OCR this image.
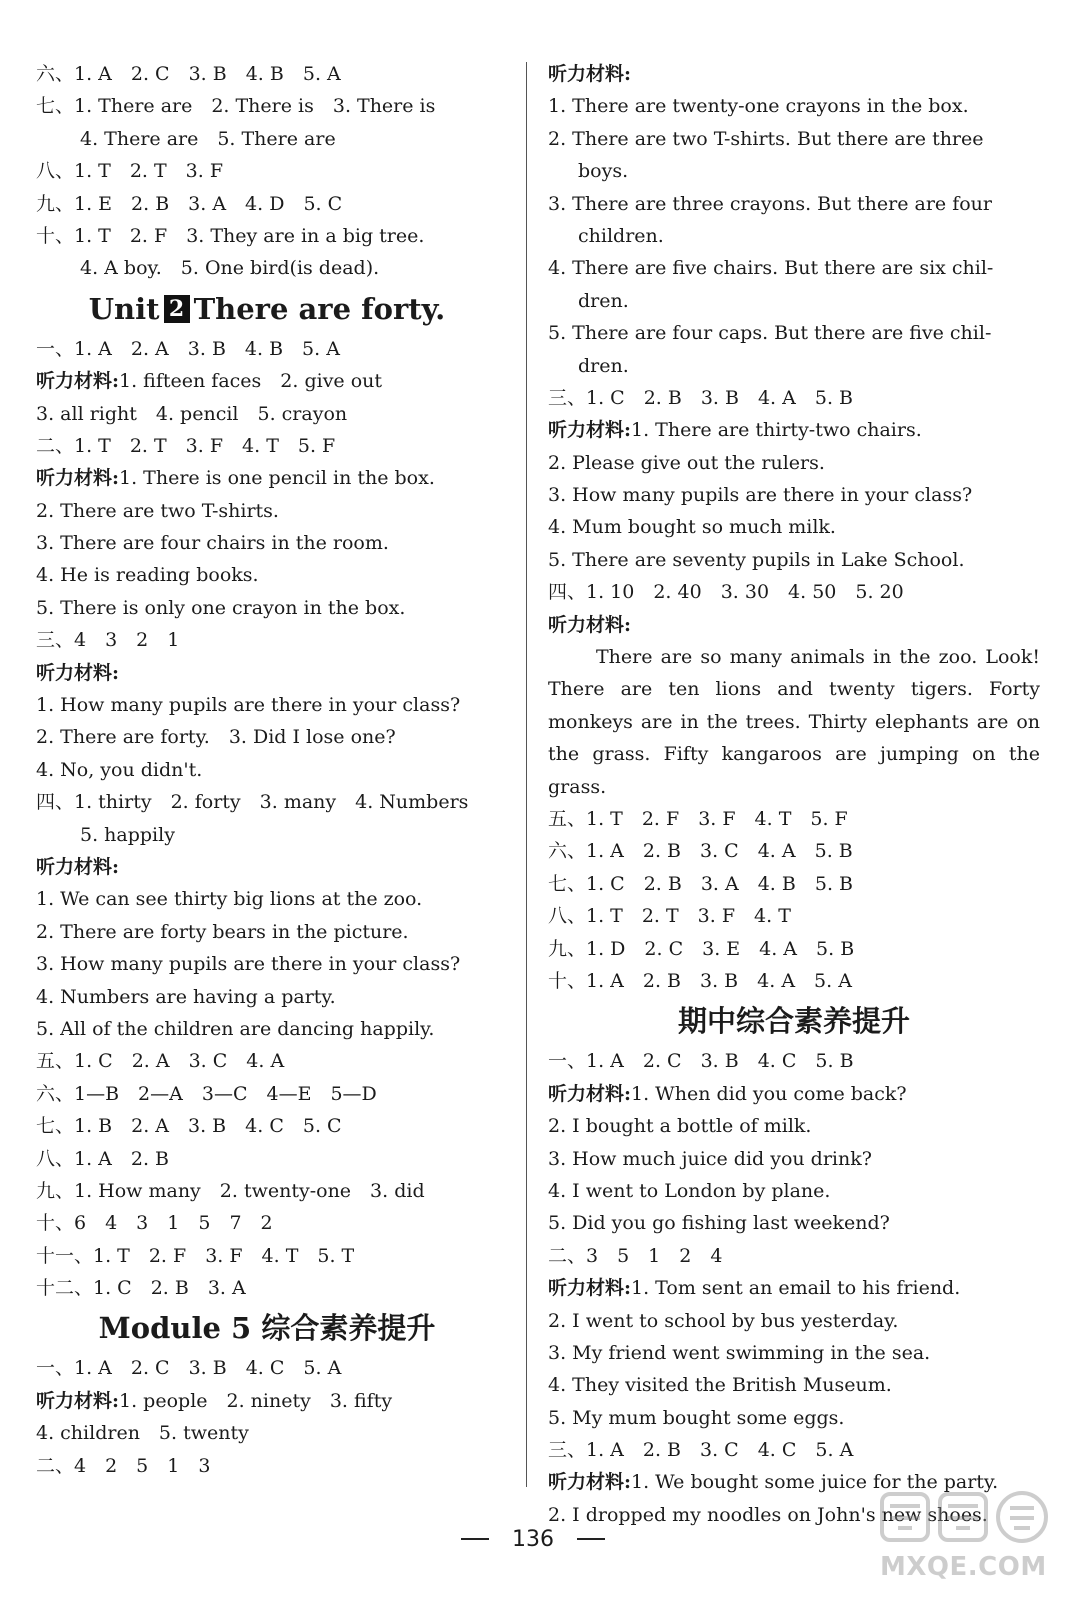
六、1. A　2. C　3. B　4. B　5. A
七、1. There are　2. There is　3. There is
4. There are　5. There are
八、1. T　2. T　3. F
九、1. E　2. B　3. A　4. D　5. C
十、1. T　2. F　3. They are in a big tree.
4. A boy.　5. One bird(is dead).
Unit 2 There are forty.
一、1. A　2. A　3. B　4. B　5. A
听力材料:1. fifteen faces　2. give out
3. all right　4. pencil　5. crayon
二、1. T　2. T　3. F　4. T　5. F
听力材料:1. There is one pencil in the box.
2. There are two T-shirts.
3. There are four chairs in the room.
4. He is reading books.
5. There is only one crayon in the box.
三、4　3　2　1
听力材料:
1. How many pupils are there in your class?
2. There are forty.　3. Did I lose one?
4. No, you didn't.
四、1. thirty　2. forty　3. many　4. Numbers
5. happily
听力材料:
1. We can see thirty big lions at the zoo.
2. There are forty bears in the picture.
3. How many pupils are there in your class?
4. Numbers are having a party.
5. All of the children are dancing happily.
五、1. C　2. A　3. C　4. A
六、1—B　2—A　3—C　4—E　5—D
七、1. B　2. A　3. B　4. C　5. C
八、1. A　2. B
九、1. How many　2. twenty-one　3. did
十、6　4　3　1　5　7　2
十一、1. T　2. F　3. F　4. T　5. T
十二、1. C　2. B　3. A
Module 5 综合素养提升
一、1. A　2. C　3. B　4. C　5. A
听力材料:1. people　2. ninety　3. fifty
4. children　5. twenty
二、4　2　5　1　3
听力材料:
1. There are twenty-one crayons in the box.
2. There are two T-shirts. But there are three
boys.
3. There are three crayons. But there are four
children.
4. There are five chairs. But there are six chil-
dren.
5. There are four caps. But there are five chil-
dren.
三、1. C　2. B　3. B　4. A　5. B
听力材料:1. There are thirty-two chairs.
2. Please give out the rulers.
3. How many pupils are there in your class?
4. Mum bought so much milk.
5. There are seventy pupils in Lake School.
四、1. 10　2. 40　3. 30　4. 50　5. 20
听力材料:
There are so many animals in the zoo. Look! There are ten lions and twenty tigers. Forty monkeys are in the trees. Thirty elephants are on the grass. Fifty kangaroos are jumping on the grass.
五、1. T　2. F　3. F　4. T　5. F
六、1. A　2. B　3. C　4. A　5. B
七、1. C　2. B　3. A　4. B　5. B
八、1. T　2. T　3. F　4. T
九、1. D　2. C　3. E　4. A　5. B
十、1. A　2. B　3. B　4. A　5. A
期中综合素养提升
一、1. A　2. C　3. B　4. C　5. B
听力材料:1. When did you come back?
2. I bought a bottle of milk.
3. How much juice did you drink?
4. I went to London by plane.
5. Did you go fishing last weekend?
二、3　5　1　2　4
听力材料:1. Tom sent an email to his friend.
2. I went to school by bus yesterday.
3. My friend went swimming in the sea.
4. They visited the British Museum.
5. My mum bought some eggs.
三、1. A　2. B　3. C　4. C　5. A
听力材料:1. We bought some juice for the party.
2. I dropped my noodles on John's new shoes.
136
MXQE.COM
